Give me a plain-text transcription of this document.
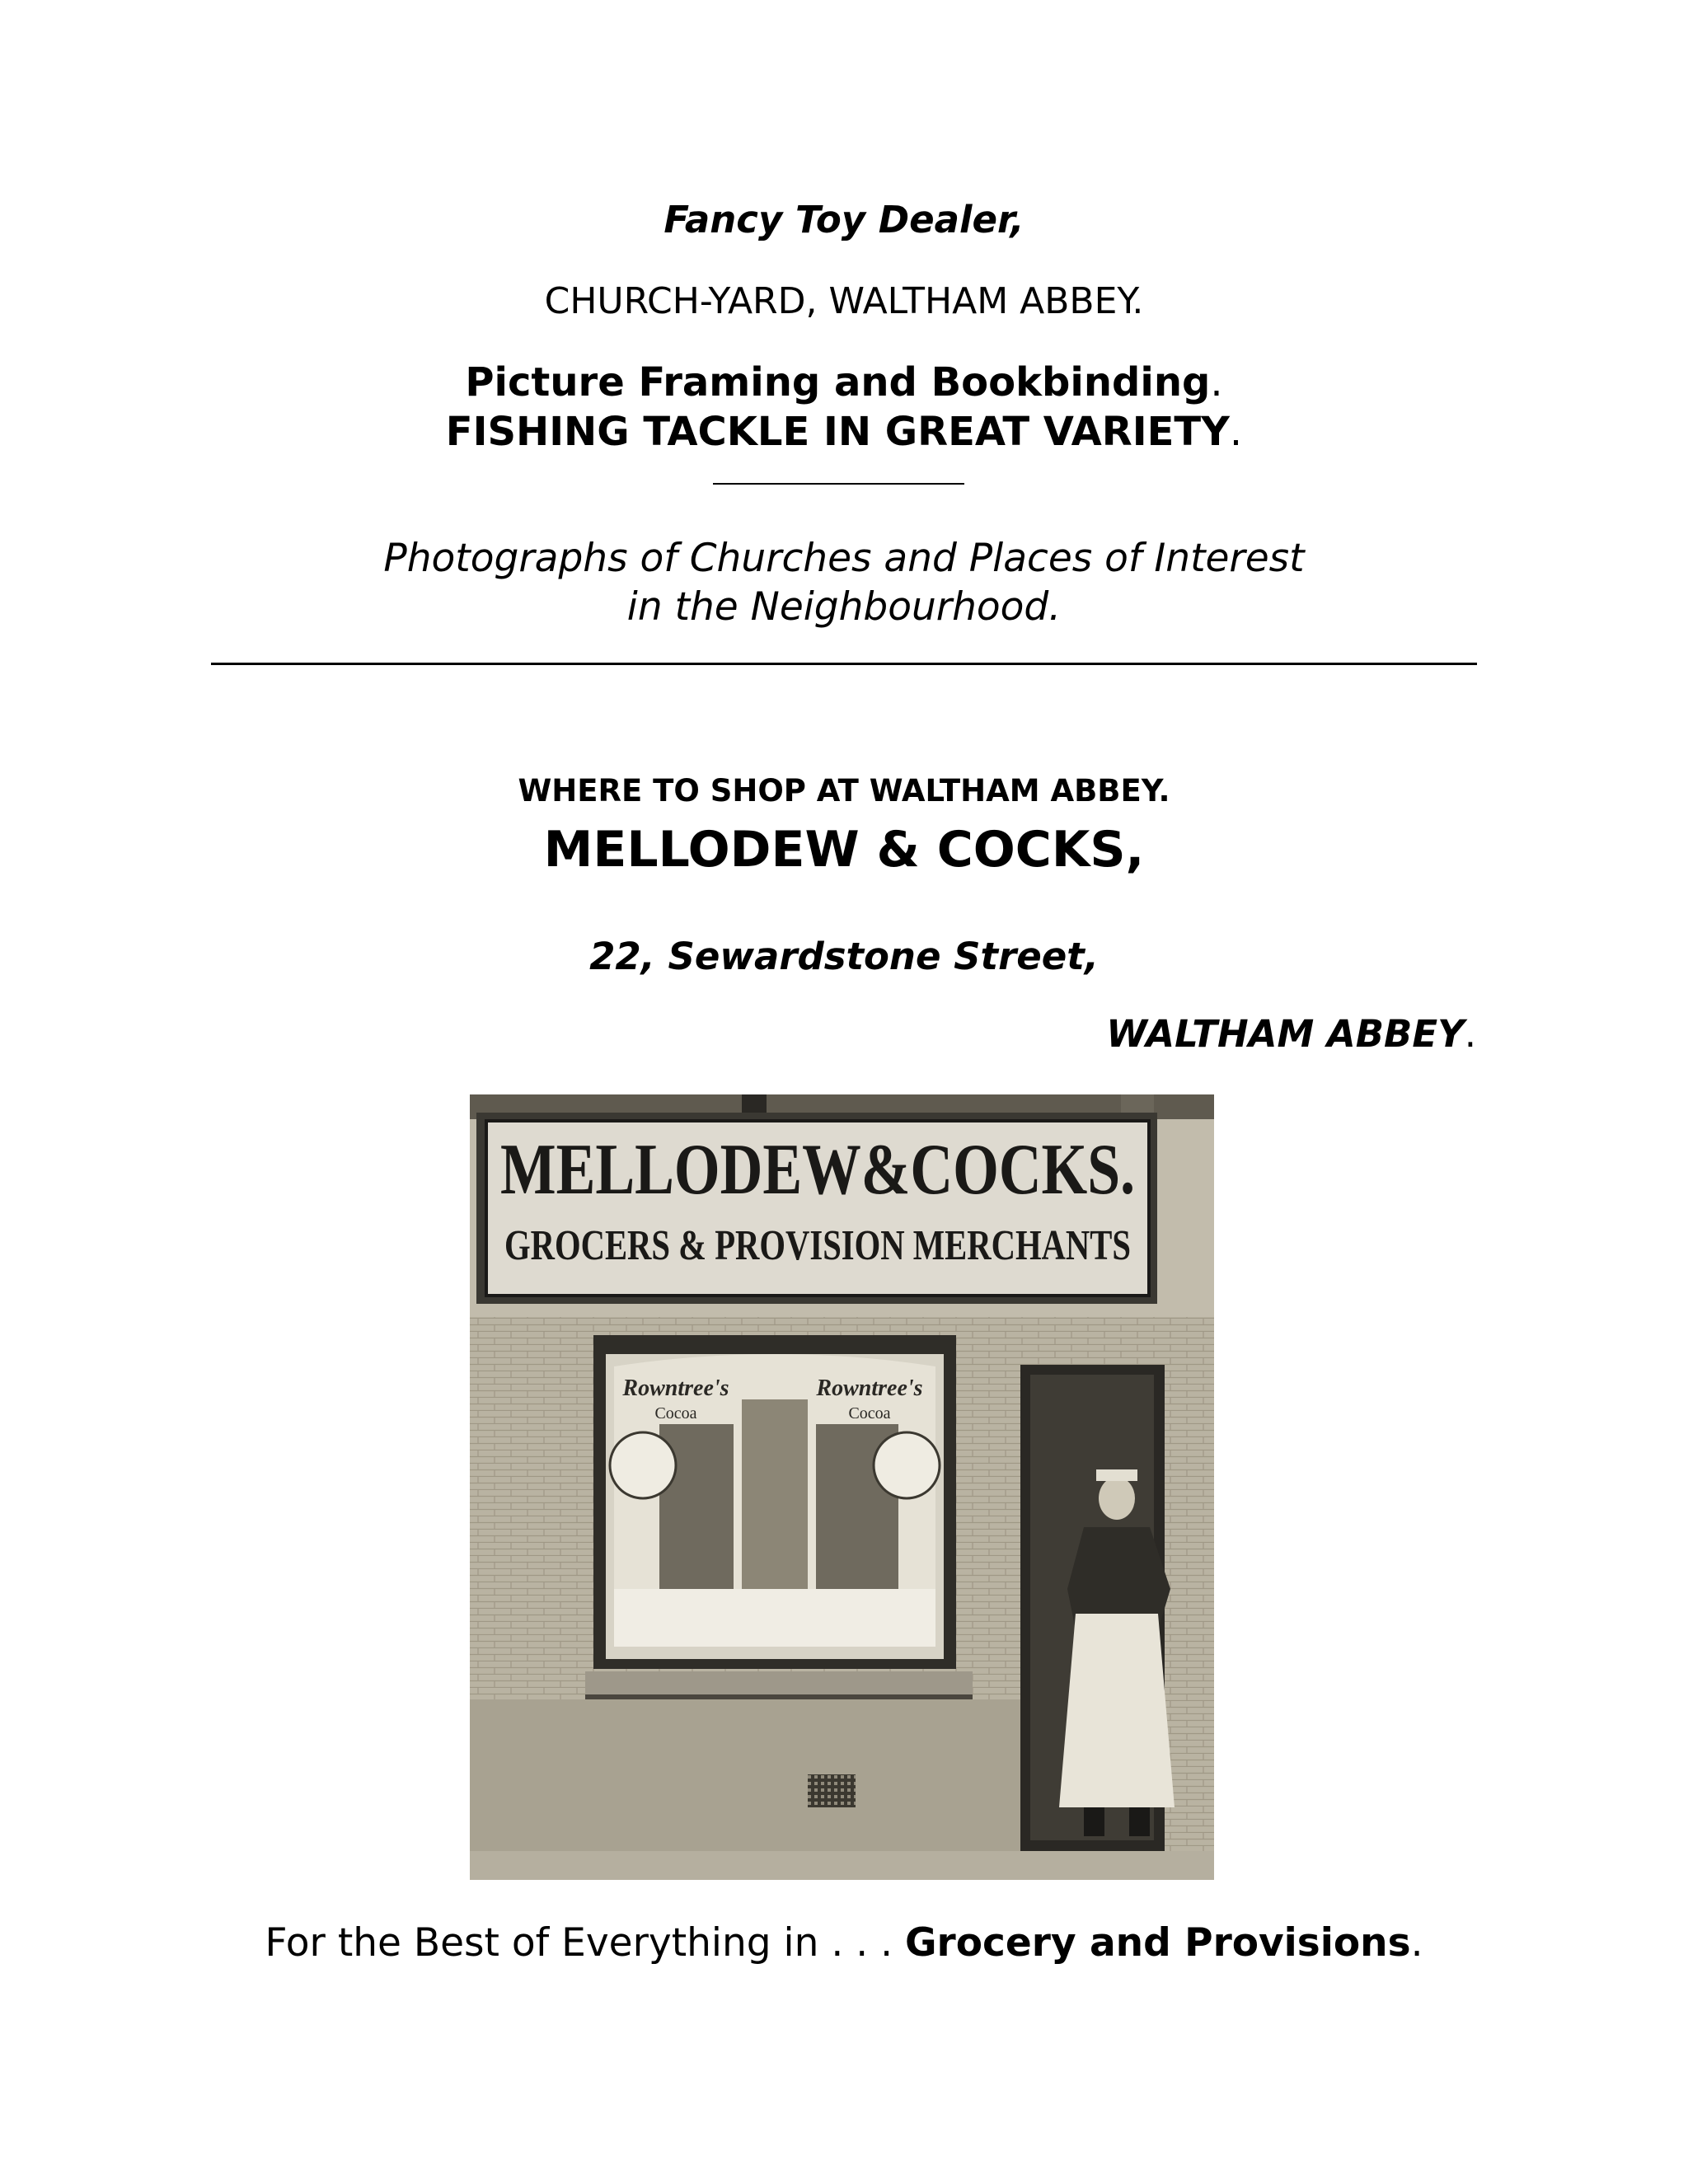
Fancy Toy Dealer,
CHURCH-YARD, WALTHAM ABBEY.
Picture Framing and Bookbinding.
FISHING TACKLE IN GREAT VARIETY.
Photographs of Churches and Places of Interest
in the Neighbourhood.
WHERE TO SHOP AT WALTHAM ABBEY.
MELLODEW & COCKS,
22, Sewardstone Street,
WALTHAM ABBEY.
MELLODEW&COCKS.
GROCERS & PROVISION MERCHANTS
Rowntree's
Cocoa
Rowntree's
Cocoa
For the Best of Everything in . . . Grocery and Provisions.
